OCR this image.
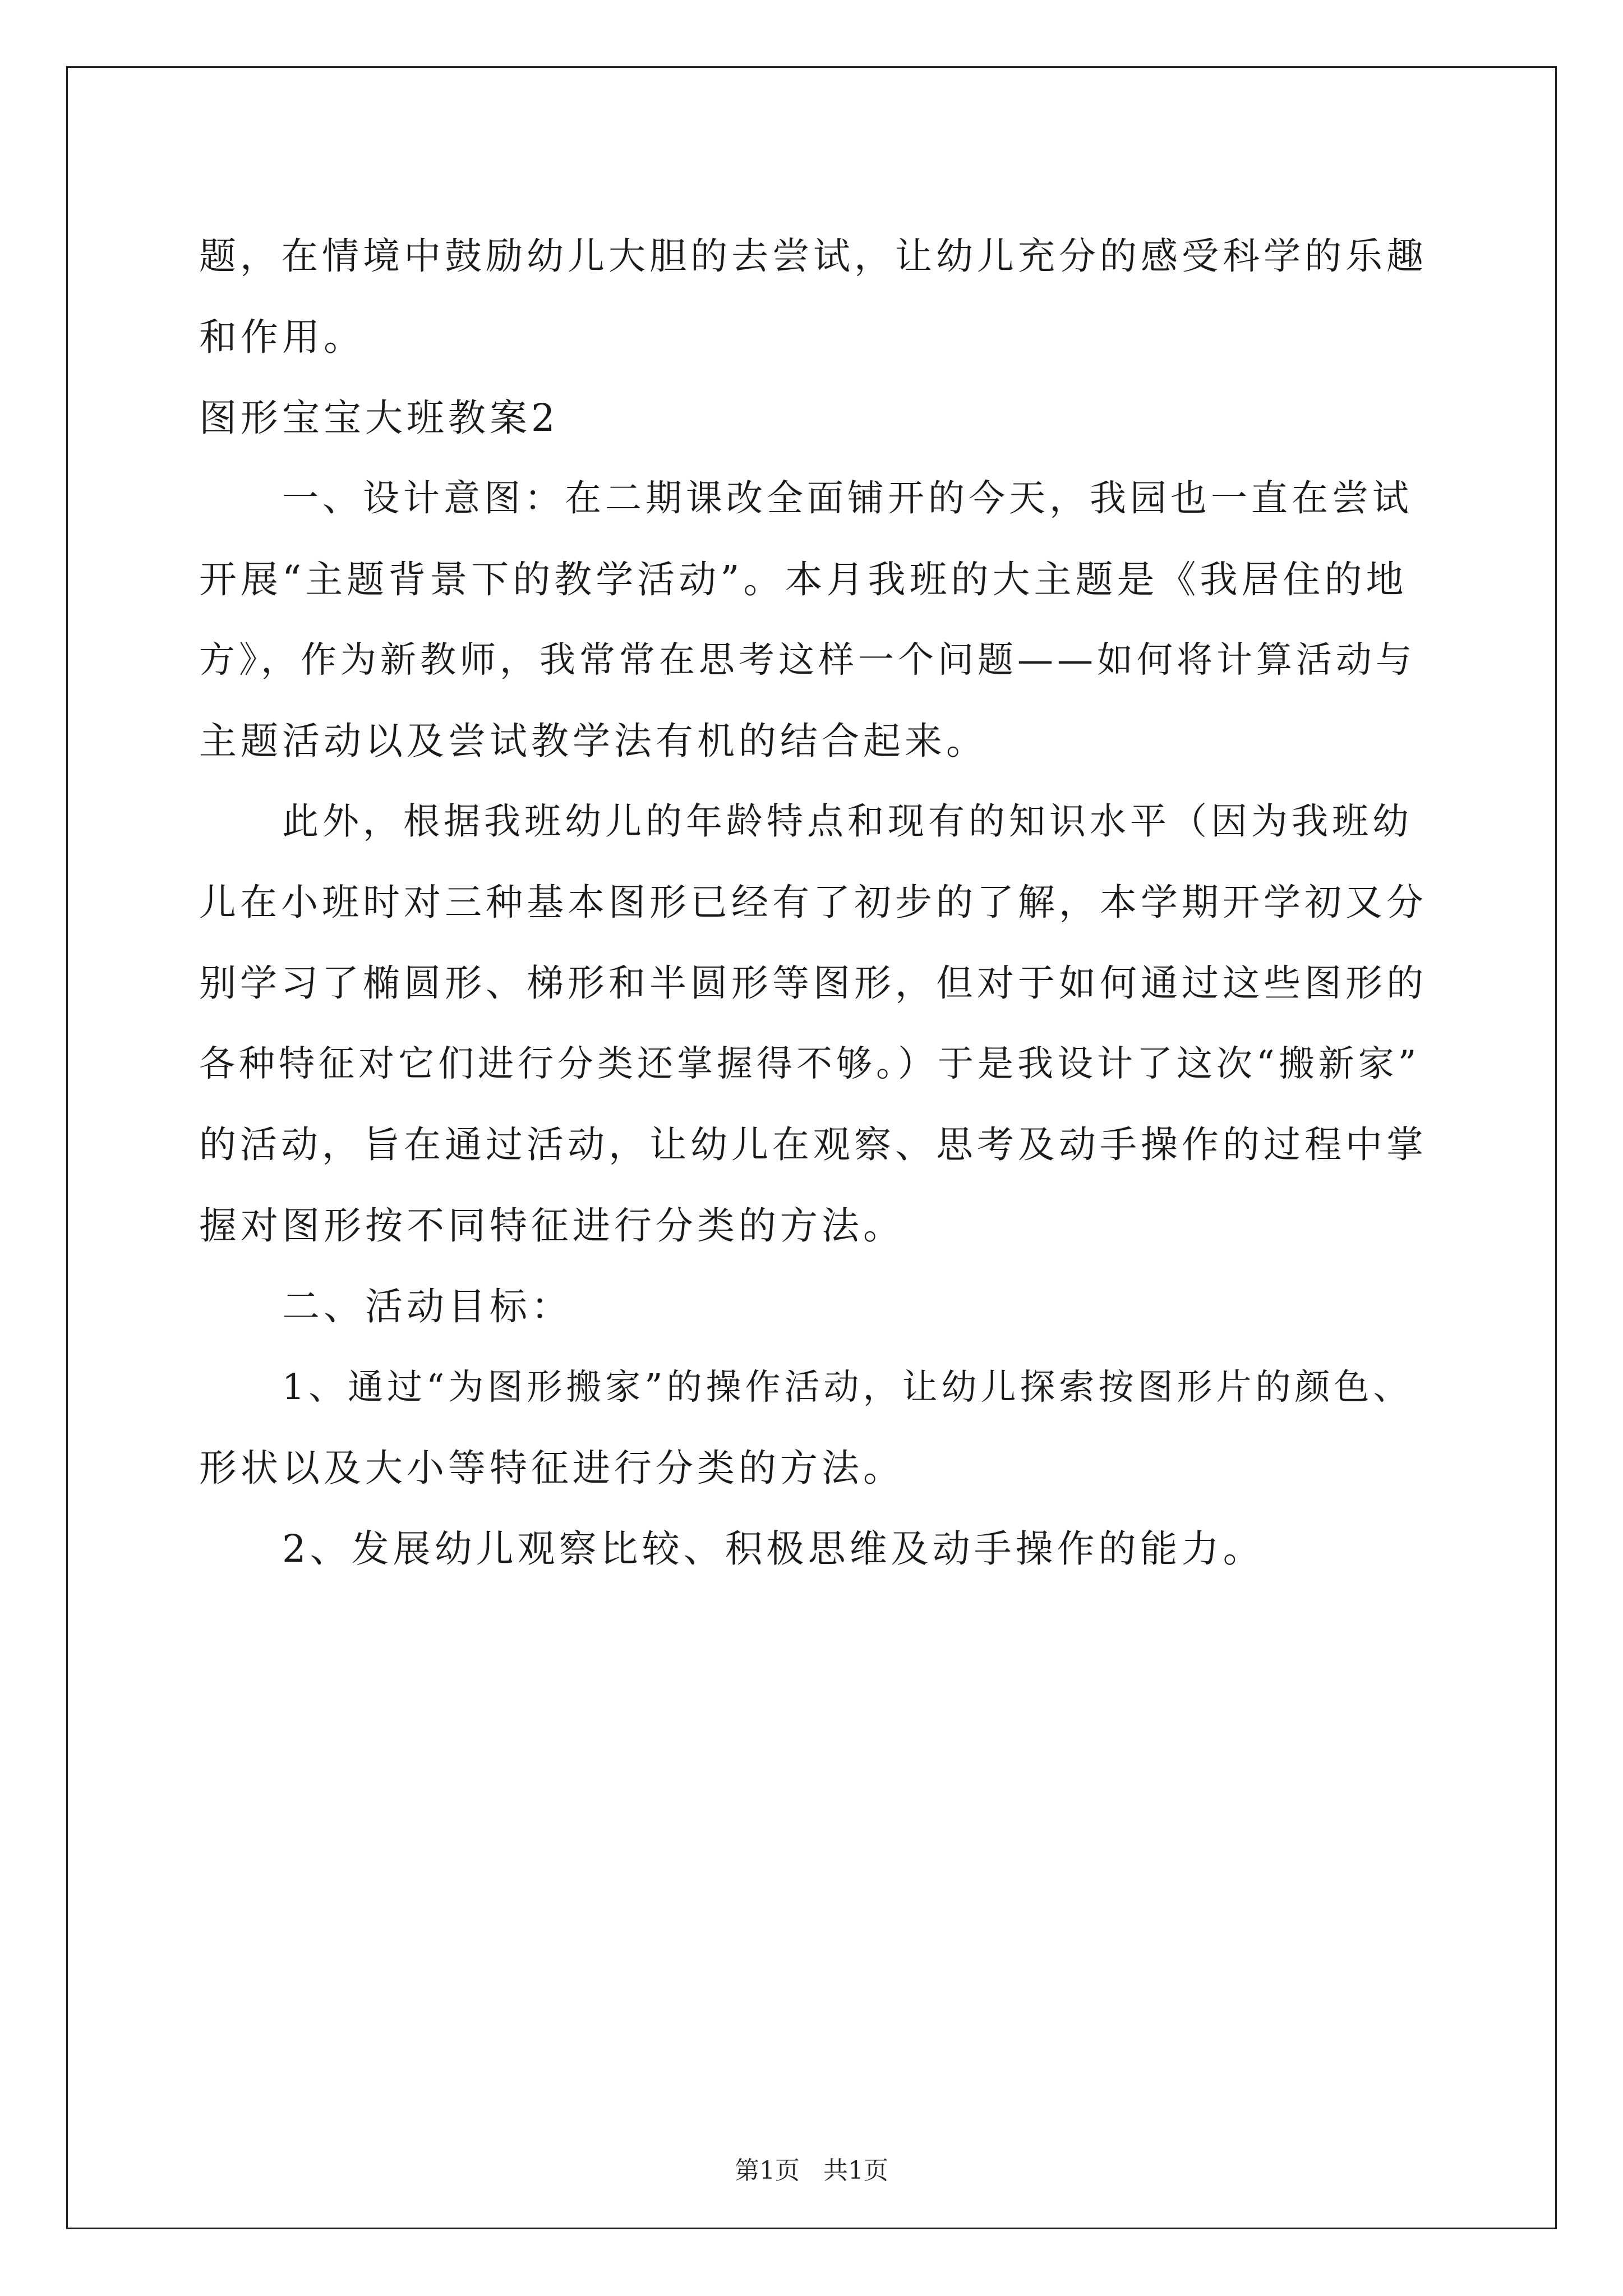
题，在情境中鼓励幼儿大胆的去尝试，让幼儿充分的感受科学的乐趣
和作用。
图形宝宝大班教案2
一、设计意图：在二期课改全面铺开的今天，我园也一直在尝试
开展“主题背景下的教学活动”。本月我班的大主题是《我居住的地
方》，作为新教师，我常常在思考这样一个问题——如何将计算活动与
主题活动以及尝试教学法有机的结合起来。
此外，根据我班幼儿的年龄特点和现有的知识水平（因为我班幼
儿在小班时对三种基本图形已经有了初步的了解，本学期开学初又分
别学习了椭圆形、梯形和半圆形等图形，但对于如何通过这些图形的
各种特征对它们进行分类还掌握得不够。）于是我设计了这次“搬新家”
的活动，旨在通过活动，让幼儿在观察、思考及动手操作的过程中掌
握对图形按不同特征进行分类的方法。
二、活动目标：
1、通过“为图形搬家”的操作活动，让幼儿探索按图形片的颜色、
形状以及大小等特征进行分类的方法。
2、发展幼儿观察比较、积极思维及动手操作的能力。
第1页 共1页
